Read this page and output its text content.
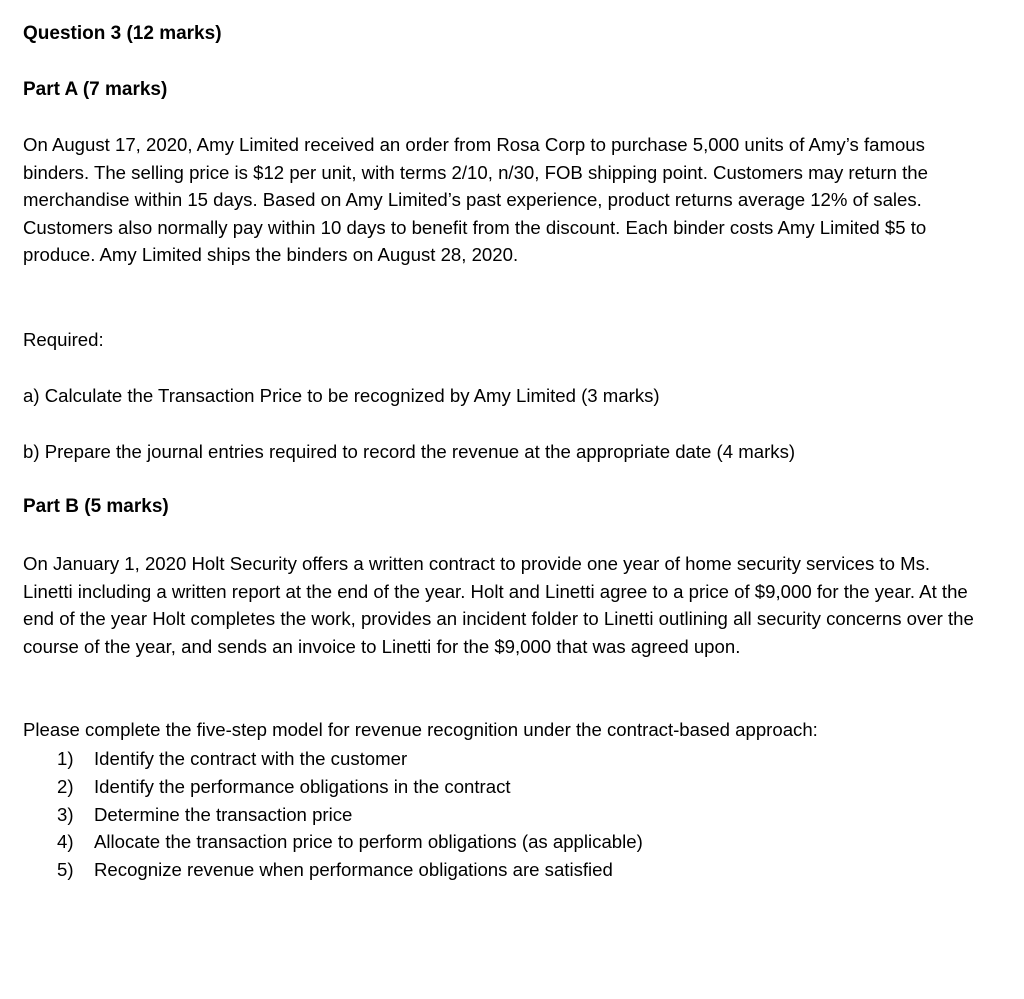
Question 3 (12 marks)
Part A (7 marks)

On August 17, 2020, Amy Limited received an order from Rosa Corp to purchase 5,000 units of Amy’s famous binders. The selling price is $12 per unit, with terms 2/10, n/30, FOB shipping point. Customers may return the merchandise within 15 days. Based on Amy Limited’s past experience, product returns average 12% of sales. Customers also normally pay within 10 days to benefit from the discount. Each binder costs Amy Limited $5 to produce. Amy Limited ships the binders on August 28, 2020.

Required:
a) Calculate the Transaction Price to be recognized by Amy Limited (3 marks)
b) Prepare the journal entries required to record the revenue at the appropriate date (4 marks)
Part B (5 marks)

On January 1, 2020 Holt Security offers a written contract to provide one year of home security services to Ms. Linetti including a written report at the end of the year. Holt and Linetti agree to a price of $9,000 for the year. At the end of the year Holt completes the work, provides an incident folder to Linetti outlining all security concerns over the course of the year, and sends an invoice to Linetti for the $9,000 that was agreed upon.

Please complete the five-step model for revenue recognition under the contract-based approach:
1) Identify the contract with the customer
2) Identify the performance obligations in the contract
3) Determine the transaction price
4) Allocate the transaction price to perform obligations (as applicable)
5) Recognize revenue when performance obligations are satisfied
